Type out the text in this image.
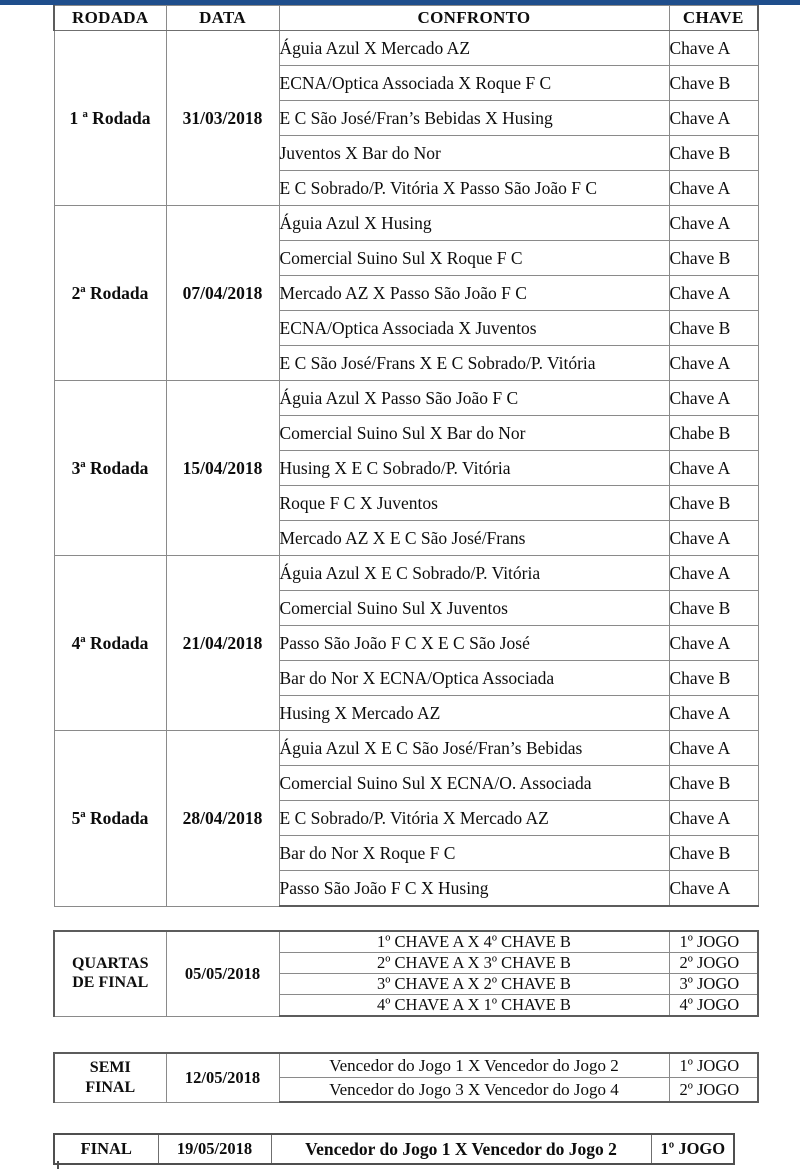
RODADA	DATA	CONFRONTO	CHAVE
1 ª Rodada	31/03/2018	Águia Azul X Mercado AZ	Chave A
		ECNA/Optica Associada X Roque F C	Chave B
		E C São José/Fran’s Bebidas X Husing	Chave A
		Juventos X Bar do Nor	Chave B
		E C Sobrado/P. Vitória X Passo São João F C	Chave A
2ª Rodada	07/04/2018	Águia Azul X Husing	Chave A
		Comercial Suino Sul X Roque F C	Chave B
		Mercado AZ X Passo São João F C	Chave A
		ECNA/Optica Associada X Juventos	Chave B
		E C São José/Frans X E C Sobrado/P. Vitória	Chave A
3ª Rodada	15/04/2018	Águia Azul X Passo São João F C	Chave A
		Comercial Suino Sul X Bar do Nor	Chabe B
		Husing X E C Sobrado/P. Vitória	Chave A
		Roque F C X Juventos	Chave B
		Mercado AZ X E C São José/Frans	Chave A
4ª Rodada	21/04/2018	Águia Azul X E C Sobrado/P. Vitória	Chave A
		Comercial Suino Sul X Juventos	Chave B
		Passo São João F C X E C São José	Chave A
		Bar do Nor X ECNA/Optica Associada	Chave B
		Husing X Mercado AZ	Chave A
5ª Rodada	28/04/2018	Águia Azul X E C São José/Fran’s Bebidas	Chave A
		Comercial Suino Sul X ECNA/O. Associada	Chave B
		E C Sobrado/P. Vitória X Mercado AZ	Chave A
		Bar do Nor X Roque F C	Chave B
		Passo São João F C X Husing	Chave A
QUARTAS
DE FINAL	05/05/2018	1º CHAVE A X 4º CHAVE B	1º JOGO
		2º CHAVE A X 3º CHAVE B	2º JOGO
		3º CHAVE A X 2º CHAVE B	3º JOGO
		4º CHAVE A X 1º CHAVE B	4º JOGO
SEMI
FINAL	12/05/2018	Vencedor do Jogo 1 X Vencedor do Jogo 2	1º JOGO
		Vencedor do Jogo 3 X Vencedor do Jogo 4	2º JOGO
FINAL	19/05/2018	Vencedor do Jogo 1 X Vencedor do Jogo 2	1º JOGO
